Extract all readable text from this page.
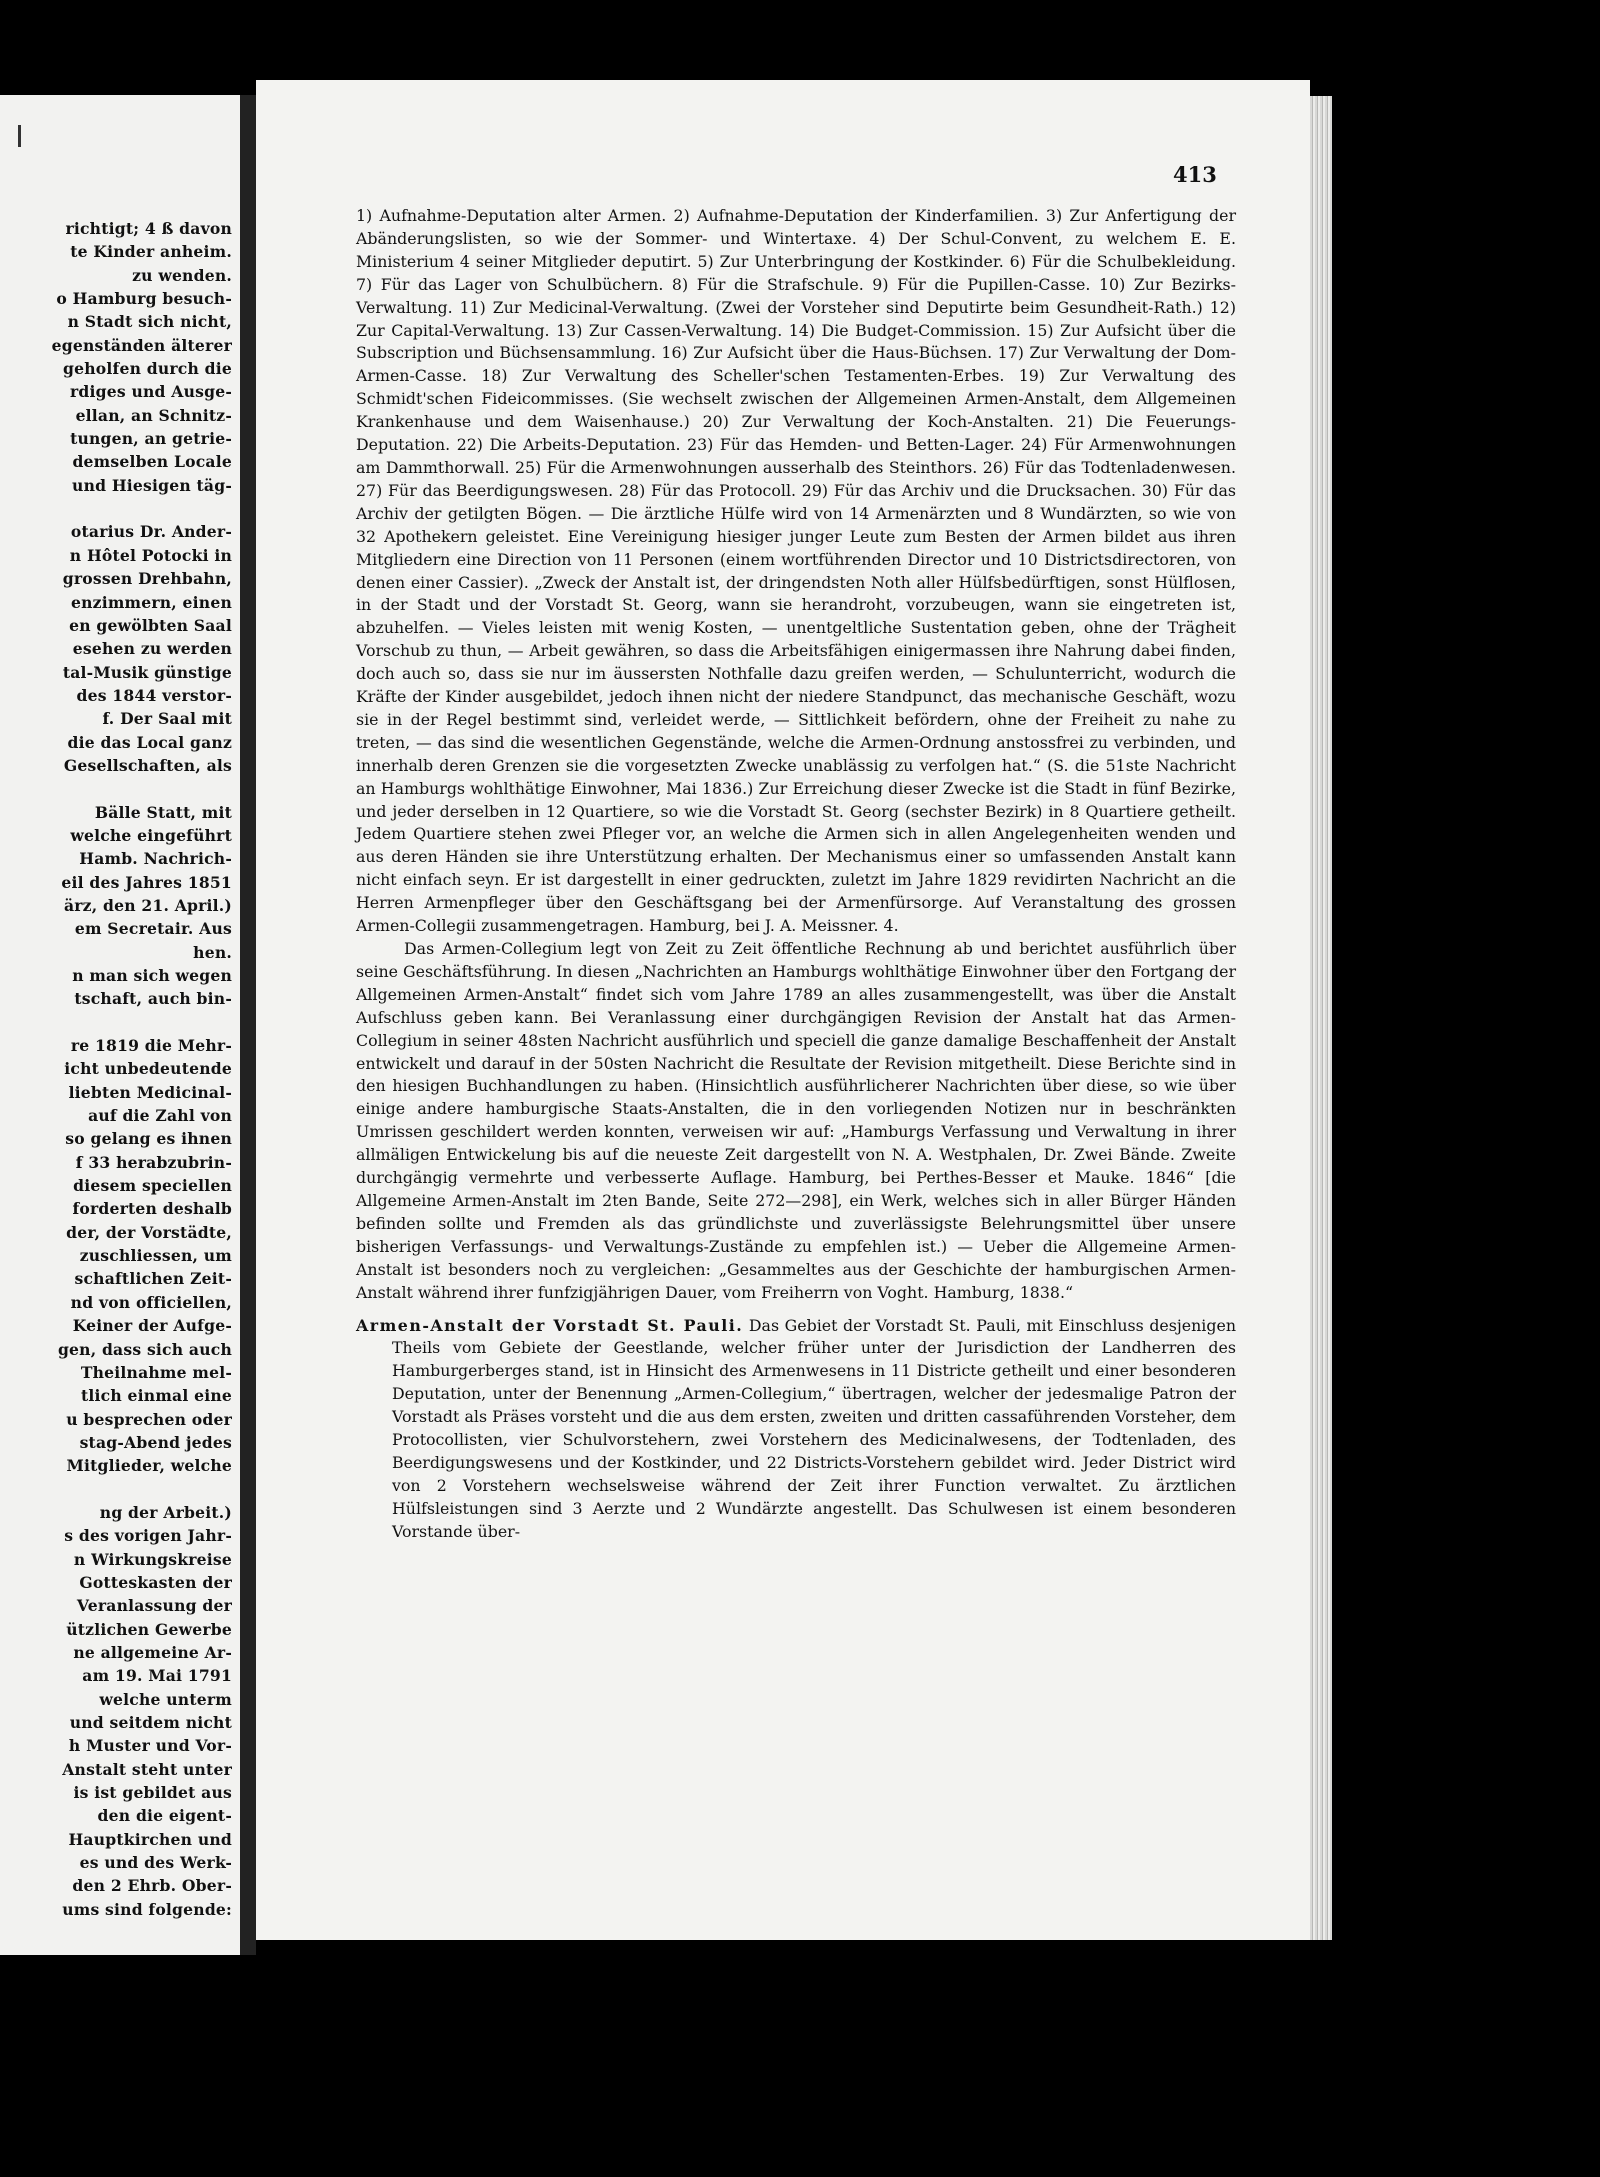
richtigt; 4 ß davon
te Kinder anheim.
zu wenden.
o Hamburg besuch-
n Stadt sich nicht,
egenständen älterer
geholfen durch die
rdiges und Ausge-
ellan, an Schnitz-
tungen, an getrie-
demselben Locale
und Hiesigen täg-

otarius Dr. Ander-
n Hôtel Potocki in
grossen Drehbahn,
enzimmern, einen
en gewölbten Saal
esehen zu werden
tal-Musik günstige
des 1844 verstor-
f. Der Saal mit
die das Local ganz
Gesellschaften, als

Bälle Statt, mit
welche eingeführt
Hamb. Nachrich-
eil des Jahres 1851
ärz, den 21. April.)
em Secretair. Aus
hen.
n man sich wegen
tschaft, auch bin-

re 1819 die Mehr-
icht unbedeutende
liebten Medicinal-
auf die Zahl von
so gelang es ihnen
f 33 herabzubrin-
diesem speciellen
forderten deshalb
der, der Vorstädte,
zuschliessen, um
schaftlichen Zeit-
nd von officiellen,
Keiner der Aufge-
gen, dass sich auch
Theilnahme mel-
tlich einmal eine
u besprechen oder
stag-Abend jedes
Mitglieder, welche

ng der Arbeit.)
s des vorigen Jahr-
n Wirkungskreise
Gotteskasten der
Veranlassung der
ützlichen Gewerbe
ne allgemeine Ar-
am 19. Mai 1791
welche unterm
und seitdem nicht
h Muster und Vor-
Anstalt steht unter
is ist gebildet aus
den die eigent-
Hauptkirchen und
es und des Werk-
den 2 Ehrb. Ober-
ums sind folgende:
413

1) Aufnahme-Deputation alter Armen. 2) Aufnahme-Deputation der Kinderfamilien. 3) Zur Anfertigung der Abänderungslisten, so wie der Sommer- und Wintertaxe. 4) Der Schul-Convent, zu welchem E. E. Ministerium 4 seiner Mitglieder deputirt. 5) Zur Unterbringung der Kostkinder. 6) Für die Schulbekleidung. 7) Für das Lager von Schulbüchern. 8) Für die Strafschule. 9) Für die Pupillen-Casse. 10) Zur Bezirks-Verwaltung. 11) Zur Medicinal-Verwaltung. (Zwei der Vorsteher sind Deputirte beim Gesundheit-Rath.) 12) Zur Capital-Verwaltung. 13) Zur Cassen-Verwaltung. 14) Die Budget-Commission. 15) Zur Aufsicht über die Subscription und Büchsensammlung. 16) Zur Aufsicht über die Haus-Büchsen. 17) Zur Verwaltung der Dom-Armen-Casse. 18) Zur Verwaltung des Scheller'schen Testamenten-Erbes. 19) Zur Verwaltung des Schmidt'schen Fideicommisses. (Sie wechselt zwischen der Allgemeinen Armen-Anstalt, dem Allgemeinen Krankenhause und dem Waisenhause.) 20) Zur Verwaltung der Koch-Anstalten. 21) Die Feuerungs-Deputation. 22) Die Arbeits-Deputation. 23) Für das Hemden- und Betten-Lager. 24) Für Armenwohnungen am Dammthorwall. 25) Für die Armenwohnungen ausserhalb des Steinthors. 26) Für das Todtenladenwesen. 27) Für das Beerdigungswesen. 28) Für das Protocoll. 29) Für das Archiv und die Drucksachen. 30) Für das Archiv der getilgten Bögen. — Die ärztliche Hülfe wird von 14 Armenärzten und 8 Wundärzten, so wie von 32 Apothekern geleistet. Eine Vereinigung hiesiger junger Leute zum Besten der Armen bildet aus ihren Mitgliedern eine Direction von 11 Personen (einem wortführenden Director und 10 Districtsdirectoren, von denen einer Cassier). „Zweck der Anstalt ist, der dringendsten Noth aller Hülfsbedürftigen, sonst Hülflosen, in der Stadt und der Vorstadt St. Georg, wann sie herandroht, vorzubeugen, wann sie eingetreten ist, abzuhelfen. — Vieles leisten mit wenig Kosten, — unentgeltliche Sustentation geben, ohne der Trägheit Vorschub zu thun, — Arbeit gewähren, so dass die Arbeitsfähigen einigermassen ihre Nahrung dabei finden, doch auch so, dass sie nur im äussersten Nothfalle dazu greifen werden, — Schulunterricht, wodurch die Kräfte der Kinder ausgebildet, jedoch ihnen nicht der niedere Standpunct, das mechanische Geschäft, wozu sie in der Regel bestimmt sind, verleidet werde, — Sittlichkeit befördern, ohne der Freiheit zu nahe zu treten, — das sind die wesentlichen Gegenstände, welche die Armen-Ordnung anstossfrei zu verbinden, und innerhalb deren Grenzen sie die vorgesetzten Zwecke unablässig zu verfolgen hat.“ (S. die 51ste Nachricht an Hamburgs wohlthätige Einwohner, Mai 1836.) Zur Erreichung dieser Zwecke ist die Stadt in fünf Bezirke, und jeder derselben in 12 Quartiere, so wie die Vorstadt St. Georg (sechster Bezirk) in 8 Quartiere getheilt. Jedem Quartiere stehen zwei Pfleger vor, an welche die Armen sich in allen Angelegenheiten wenden und aus deren Händen sie ihre Unterstützung erhalten. Der Mechanismus einer so umfassenden Anstalt kann nicht einfach seyn. Er ist dargestellt in einer gedruckten, zuletzt im Jahre 1829 revidirten Nachricht an die Herren Armenpfleger über den Geschäftsgang bei der Armenfürsorge. Auf Veranstaltung des grossen Armen-Collegii zusammengetragen. Hamburg, bei J. A. Meissner. 4.

Das Armen-Collegium legt von Zeit zu Zeit öffentliche Rechnung ab und berichtet ausführlich über seine Geschäftsführung. In diesen „Nachrichten an Hamburgs wohlthätige Einwohner über den Fortgang der Allgemeinen Armen-Anstalt“ findet sich vom Jahre 1789 an alles zusammengestellt, was über die Anstalt Aufschluss geben kann. Bei Veranlassung einer durchgängigen Revision der Anstalt hat das Armen-Collegium in seiner 48sten Nachricht ausführlich und speciell die ganze damalige Beschaffenheit der Anstalt entwickelt und darauf in der 50sten Nachricht die Resultate der Revision mitgetheilt. Diese Berichte sind in den hiesigen Buchhandlungen zu haben. (Hinsichtlich ausführlicherer Nachrichten über diese, so wie über einige andere hamburgische Staats-Anstalten, die in den vorliegenden Notizen nur in beschränkten Umrissen geschildert werden konnten, verweisen wir auf: „Hamburgs Verfassung und Verwaltung in ihrer allmäligen Entwickelung bis auf die neueste Zeit dargestellt von N. A. Westphalen, Dr. Zwei Bände. Zweite durchgängig vermehrte und verbesserte Auflage. Hamburg, bei Perthes-Besser et Mauke. 1846“ [die Allgemeine Armen-Anstalt im 2ten Bande, Seite 272—298], ein Werk, welches sich in aller Bürger Händen befinden sollte und Fremden als das gründlichste und zuverlässigste Belehrungsmittel über unsere bisherigen Verfassungs- und Verwaltungs-Zustände zu empfehlen ist.) — Ueber die Allgemeine Armen-Anstalt ist besonders noch zu vergleichen: „Gesammeltes aus der Geschichte der hamburgischen Armen-Anstalt während ihrer funfzigjährigen Dauer, vom Freiherrn von Voght. Hamburg, 1838.“

Armen-Anstalt der Vorstadt St. Pauli. Das Gebiet der Vorstadt St. Pauli, mit Einschluss desjenigen Theils vom Gebiete der Geestlande, welcher früher unter der Jurisdiction der Landherren des Hamburgerberges stand, ist in Hinsicht des Armenwesens in 11 Districte getheilt und einer besonderen Deputation, unter der Benennung „Armen-Collegium,“ übertragen, welcher der jedesmalige Patron der Vorstadt als Präses vorsteht und die aus dem ersten, zweiten und dritten cassaführenden Vorsteher, dem Protocollisten, vier Schulvorstehern, zwei Vorstehern des Medicinalwesens, der Todtenladen, des Beerdigungswesens und der Kostkinder, und 22 Districts-Vorstehern gebildet wird. Jeder District wird von 2 Vorstehern wechselsweise während der Zeit ihrer Function verwaltet. Zu ärztlichen Hülfsleistungen sind 3 Aerzte und 2 Wundärzte angestellt. Das Schulwesen ist einem besonderen Vorstande über-
